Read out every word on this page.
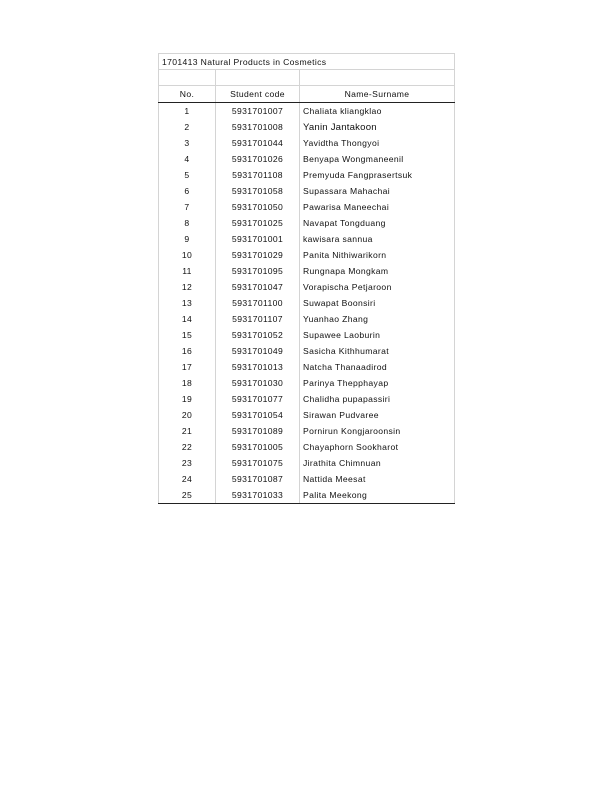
1701413 Natural Products in Cosmetics		

No.	Student code	Name-Surname
1	5931701007	Chaliata kliangklao
2	5931701008	Yanin Jantakoon
3	5931701044	Yavidtha Thongyoi
4	5931701026	Benyapa Wongmaneenil
5	5931701108	Premyuda Fangprasertsuk
6	5931701058	Supassara Mahachai
7	5931701050	Pawarisa Maneechai
8	5931701025	Navapat Tongduang
9	5931701001	kawisara sannua
10	5931701029	Panita Nithiwarikorn
11	5931701095	Rungnapa Mongkam
12	5931701047	Vorapischa Petjaroon
13	5931701100	Suwapat Boonsiri
14	5931701107	Yuanhao Zhang
15	5931701052	Supawee Laoburin
16	5931701049	Sasicha Kithhumarat
17	5931701013	Natcha Thanaadirod
18	5931701030	Parinya Thepphayap
19	5931701077	Chalidha pupapassiri
20	5931701054	Sirawan Pudvaree
21	5931701089	Pornirun Kongjaroonsin
22	5931701005	Chayaphorn Sookharot
23	5931701075	Jirathita Chimnuan
24	5931701087	Nattida Meesat
25	5931701033	Palita Meekong
